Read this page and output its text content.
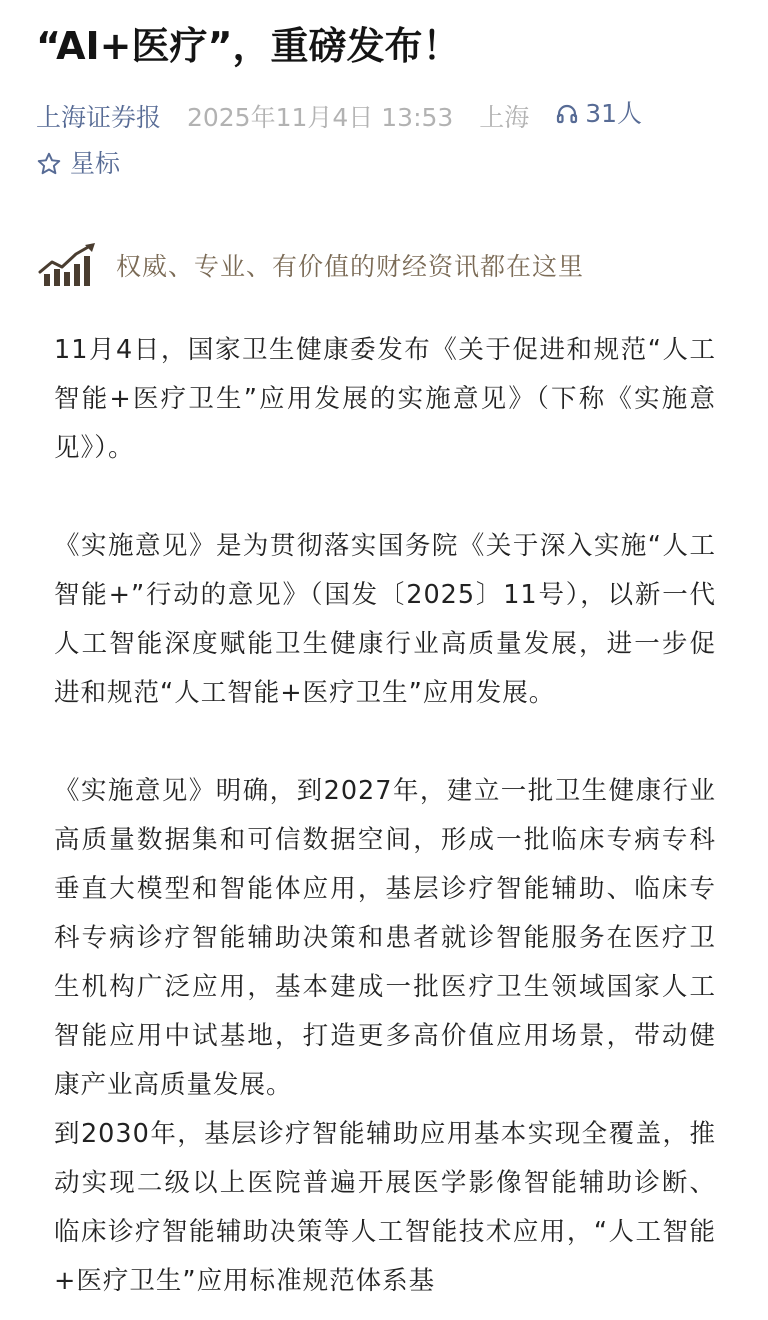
“AI+医疗”，重磅发布！
上海证券报 2025年11月4日 13:53 上海 31人
星标
权威、专业、有价值的财经资讯都在这里

11月4日，国家卫生健康委发布《关于促进和规范“人工智能+医疗卫生”应用发展的实施意见》（下称《实施意见》）。

《实施意见》是为贯彻落实国务院《关于深入实施“人工智能+”行动的意见》（国发〔2025〕11号），以新一代人工智能深度赋能卫生健康行业高质量发展，进一步促进和规范“人工智能+医疗卫生”应用发展。

《实施意见》明确，到2027年，建立一批卫生健康行业高质量数据集和可信数据空间，形成一批临床专病专科垂直大模型和智能体应用，基层诊疗智能辅助、临床专科专病诊疗智能辅助决策和患者就诊智能服务在医疗卫生机构广泛应用，基本建成一批医疗卫生领域国家人工智能应用中试基地，打造更多高价值应用场景，带动健康产业高质量发展。

到2030年，基层诊疗智能辅助应用基本实现全覆盖，推动实现二级以上医院普遍开展医学影像智能辅助诊断、临床诊疗智能辅助决策等人工智能技术应用，“人工智能+医疗卫生”应用标准规范体系基
